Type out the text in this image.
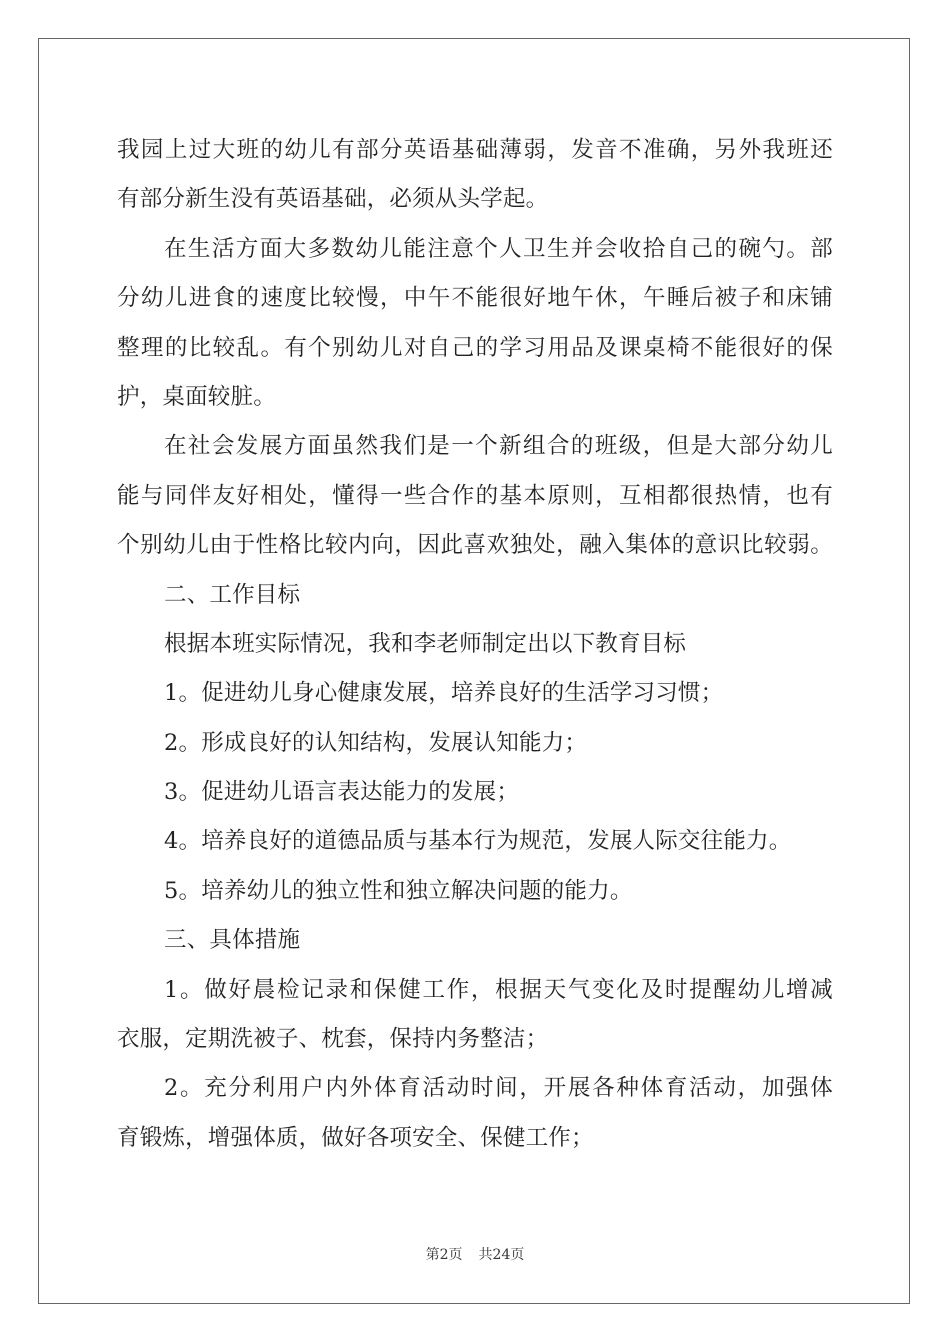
我园上过大班的幼儿有部分英语基础薄弱，发音不准确，另外我班还
有部分新生没有英语基础，必须从头学起。
在生活方面大多数幼儿能注意个人卫生并会收拾自己的碗勺。部
分幼儿进食的速度比较慢，中午不能很好地午休，午睡后被子和床铺
整理的比较乱。有个别幼儿对自己的学习用品及课桌椅不能很好的保
护，桌面较脏。
在社会发展方面虽然我们是一个新组合的班级，但是大部分幼儿
能与同伴友好相处，懂得一些合作的基本原则，互相都很热情，也有
个别幼儿由于性格比较内向，因此喜欢独处，融入集体的意识比较弱。
二、工作目标
根据本班实际情况，我和李老师制定出以下教育目标
1。促进幼儿身心健康发展，培养良好的生活学习习惯；
2。形成良好的认知结构，发展认知能力；
3。促进幼儿语言表达能力的发展；
4。培养良好的道德品质与基本行为规范，发展人际交往能力。
5。培养幼儿的独立性和独立解决问题的能力。
三、具体措施
1。做好晨检记录和保健工作，根据天气变化及时提醒幼儿增减
衣服，定期洗被子、枕套，保持内务整洁；
2。充分利用户内外体育活动时间，开展各种体育活动，加强体
育锻炼，增强体质，做好各项安全、保健工作；
第2页 共24页
